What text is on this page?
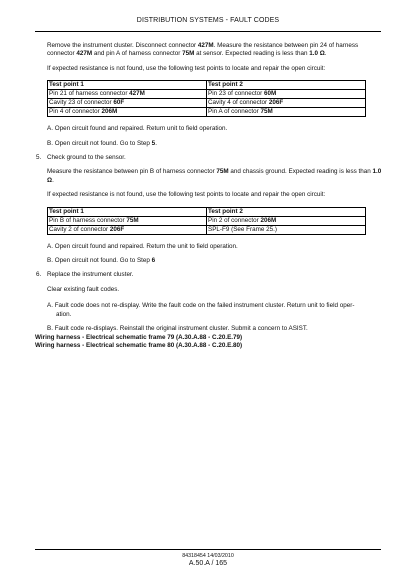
DISTRIBUTION SYSTEMS - FAULT CODES

Remove the instrument cluster. Disconnect connector 427M. Measure the resistance between pin 24 of harness connector 427M and pin A of harness connector 75M at sensor. Expected reading is less than 1.0 Ω.

If expected resistance is not found, use the following test points to locate and repair the open circuit:

Test point 1	Test point 2
Pin 21 of harness connector 427M	Pin 23 of connector 60M
Cavity 23 of connector 60F	Cavity 4 of connector 206F
Pin 4 of connector 206M	Pin A of connector 75M

A. Open circuit found and repaired. Return unit to field operation.

B. Open circuit not found. Go to Step 5.

5. Check ground to the sensor.

Measure the resistance between pin B of harness connector 75M and chassis ground. Expected reading is less than 1.0 Ω.

If expected resistance is not found, use the following test points to locate and repair the open circuit:

Test point 1	Test point 2
Pin B of harness connector 75M	Pin 2 of connector 206M
Cavity 2 of connector 206F	SPL-F9 (See Frame 25.)

A. Open circuit found and repaired. Return the unit to field operation.

B. Open circuit not found. Go to Step 6

6. Replace the instrument cluster.

Clear existing fault codes.

A. Fault code does not re-display. Write the fault code on the failed instrument cluster. Return unit to field oper-
ation.

B. Fault code re-displays. Reinstall the original instrument cluster. Submit a concern to ASIST.

Wiring harness - Electrical schematic frame 79 (A.30.A.88 - C.20.E.79)

Wiring harness - Electrical schematic frame 80 (A.30.A.88 - C.20.E.80)

84318454 14/03/2010
A.50.A / 165
